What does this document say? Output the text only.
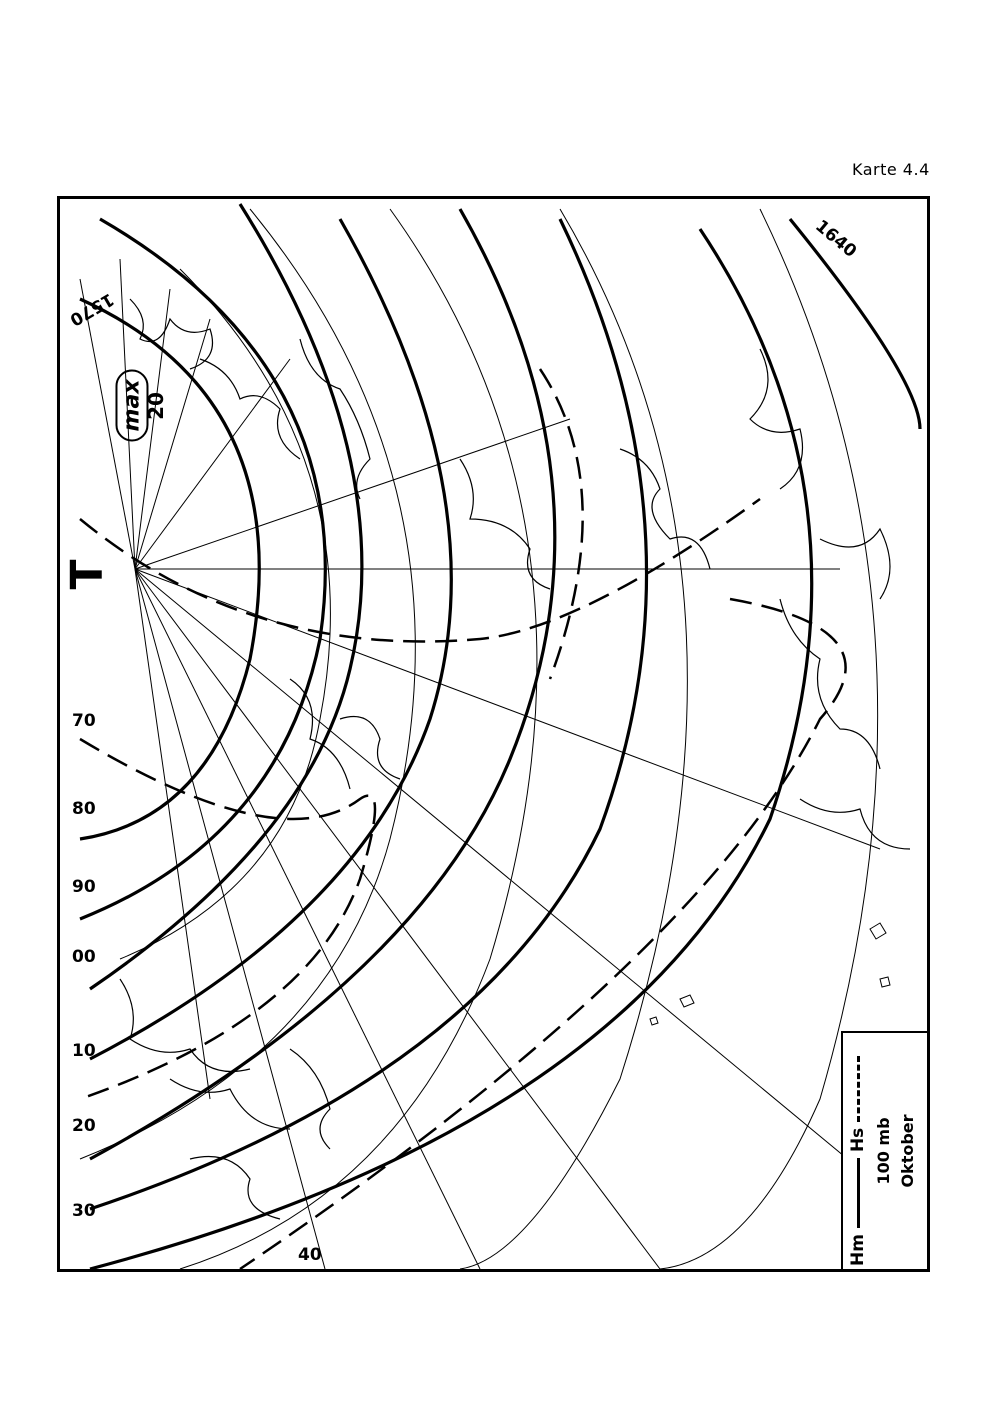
Karte 4.4
T
max 20
70
80
90
00
10
20
30
40
1570
1640
Hm
Hs 100 mb Oktober
